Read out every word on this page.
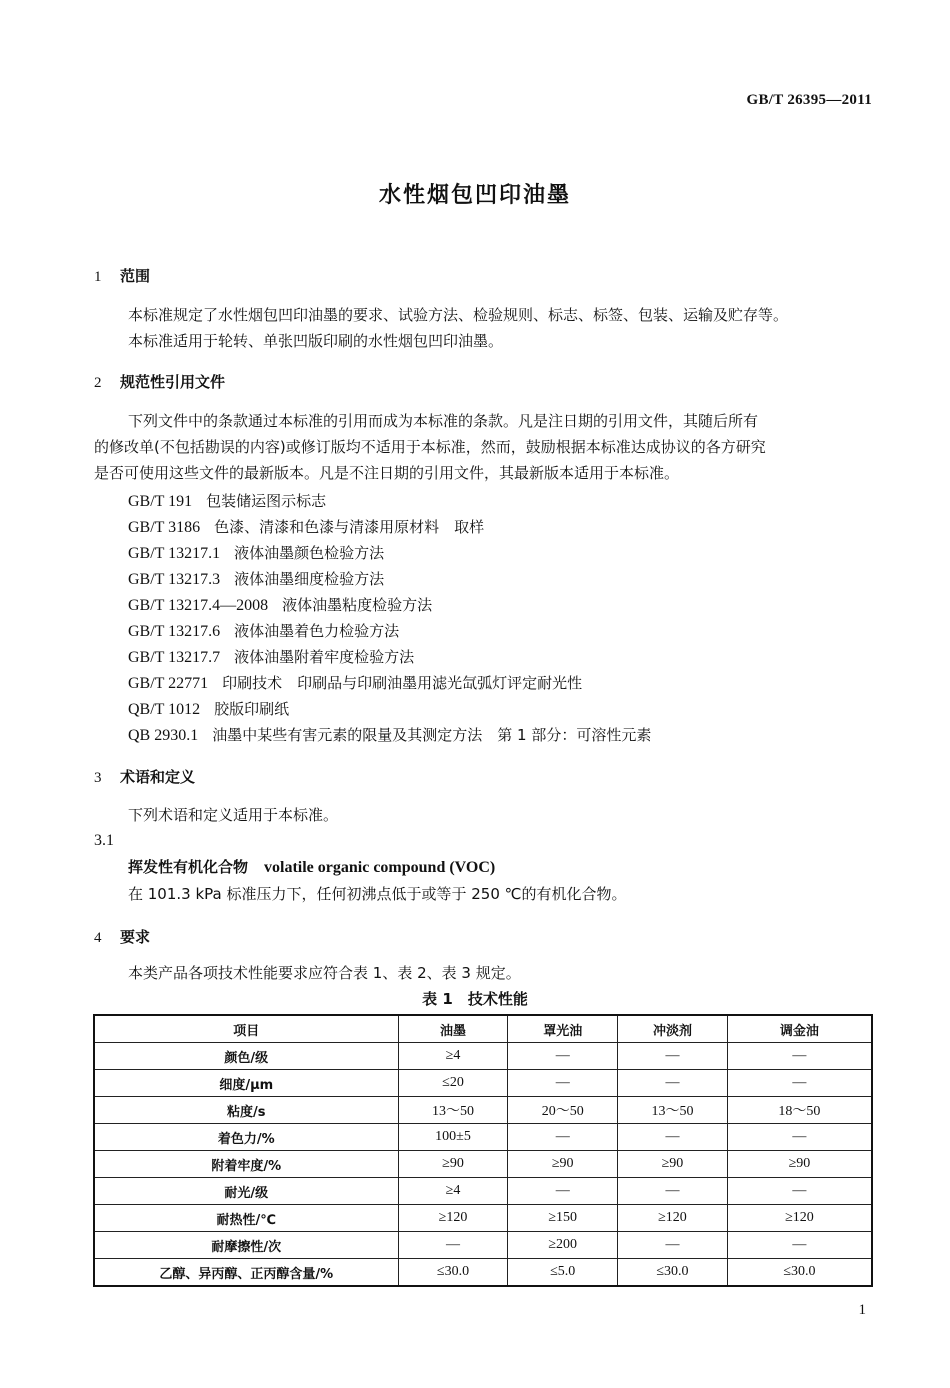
GB/T 26395—2011
水性烟包凹印油墨
1 范围
本标准规定了水性烟包凹印油墨的要求、试验方法、检验规则、标志、标签、包装、运输及贮存等。
本标准适用于轮转、单张凹版印刷的水性烟包凹印油墨。
2 规范性引用文件
下列文件中的条款通过本标准的引用而成为本标准的条款。凡是注日期的引用文件，其随后所有
的修改单(不包括勘误的内容)或修订版均不适用于本标准，然而，鼓励根据本标准达成协议的各方研究
是否可使用这些文件的最新版本。凡是不注日期的引用文件，其最新版本适用于本标准。
GB/T 191 包装储运图示标志
GB/T 3186 色漆、清漆和色漆与清漆用原材料　取样
GB/T 13217.1 液体油墨颜色检验方法
GB/T 13217.3 液体油墨细度检验方法
GB/T 13217.4—2008 液体油墨粘度检验方法
GB/T 13217.6 液体油墨着色力检验方法
GB/T 13217.7 液体油墨附着牢度检验方法
GB/T 22771 印刷技术　印刷品与印刷油墨用滤光氙弧灯评定耐光性
QB/T 1012 胶版印刷纸
QB 2930.1 油墨中某些有害元素的限量及其测定方法　第 1 部分：可溶性元素
3 术语和定义
下列术语和定义适用于本标准。
3.1
挥发性有机化合物 volatile organic compound (VOC)
在 101.3 kPa 标准压力下，任何初沸点低于或等于 250 ℃的有机化合物。
4 要求
本类产品各项技术性能要求应符合表 1、表 2、表 3 规定。
表 1　技术性能
项目	油墨	罩光油	冲淡剂	调金油
颜色/级	≥4	—	—	—
细度/μm	≤20	—	—	—
粘度/s	13～50	20～50	13～50	18～50
着色力/%	100±5	—	—	—
附着牢度/%	≥90	≥90	≥90	≥90
耐光/级	≥4	—	—	—
耐热性/℃	≥120	≥150	≥120	≥120
耐摩擦性/次	—	≥200	—	—
乙醇、异丙醇、正丙醇含量/%	≤30.0	≤5.0	≤30.0	≤30.0
1
